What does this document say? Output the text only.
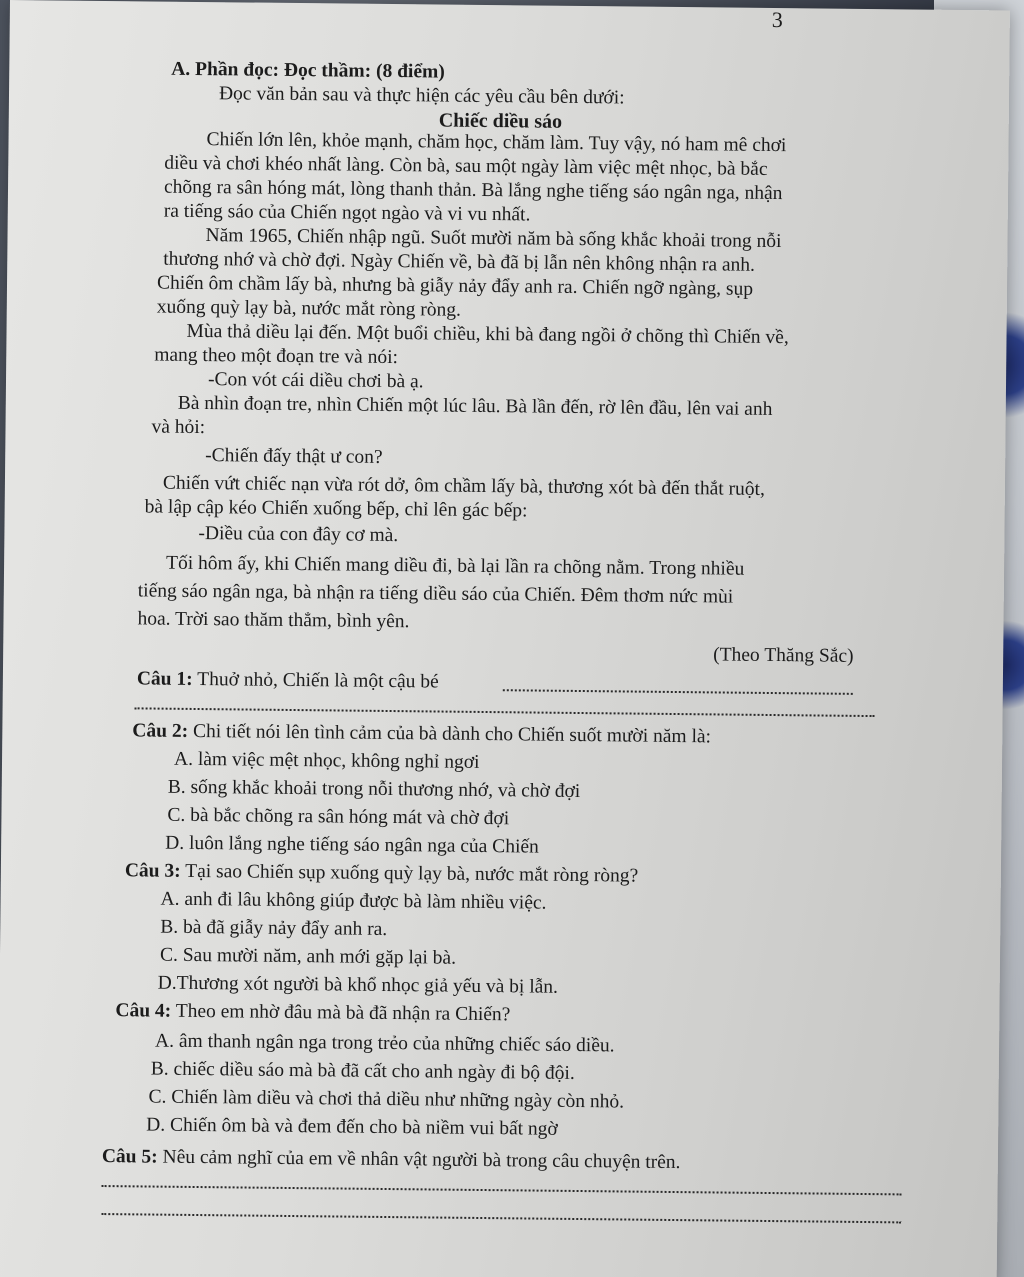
3
A. Phần đọc: Đọc thầm: (8 điểm)
Đọc văn bản sau và thực hiện các yêu cầu bên dưới:
Chiếc diều sáo
Chiến lớn lên, khỏe mạnh, chăm học, chăm làm. Tuy vậy, nó ham mê chơi
diều và chơi khéo nhất làng. Còn bà, sau một ngày làm việc mệt nhọc, bà bắc
chõng ra sân hóng mát, lòng thanh thản. Bà lắng nghe tiếng sáo ngân nga, nhận
ra tiếng sáo của Chiến ngọt ngào và vi vu nhất.
Năm 1965, Chiến nhập ngũ. Suốt mười năm bà sống khắc khoải trong nỗi
thương nhớ và chờ đợi. Ngày Chiến về, bà đã bị lẫn nên không nhận ra anh.
Chiến ôm chầm lấy bà, nhưng bà giẫy nảy đẩy anh ra. Chiến ngỡ ngàng, sụp
xuống quỳ lạy bà, nước mắt ròng ròng.
Mùa thả diều lại đến. Một buổi chiều, khi bà đang ngồi ở chõng thì Chiến về,
mang theo một đoạn tre và nói:
-Con vót cái diều chơi bà ạ.
Bà nhìn đoạn tre, nhìn Chiến một lúc lâu. Bà lần đến, rờ lên đầu, lên vai anh
và hỏi:
-Chiến đấy thật ư con?
Chiến vứt chiếc nạn vừa rót dở, ôm chầm lấy bà, thương xót bà đến thắt ruột,
bà lập cập kéo Chiến xuống bếp, chỉ lên gác bếp:
-Diều của con đây cơ mà.
Tối hôm ấy, khi Chiến mang diều đi, bà lại lần ra chõng nằm. Trong nhiều
tiếng sáo ngân nga, bà nhận ra tiếng diều sáo của Chiến. Đêm thơm nức mùi
hoa. Trời sao thăm thẳm, bình yên.
(Theo Thăng Sắc)
Câu 1: Thuở nhỏ, Chiến là một cậu bé
Câu 2: Chi tiết nói lên tình cảm của bà dành cho Chiến suốt mười năm là:
A. làm việc mệt nhọc, không nghỉ ngơi
B. sống khắc khoải trong nỗi thương nhớ, và chờ đợi
C. bà bắc chõng ra sân hóng mát và chờ đợi
D. luôn lắng nghe tiếng sáo ngân nga của Chiến
Câu 3: Tại sao Chiến sụp xuống quỳ lạy bà, nước mắt ròng ròng?
A. anh đi lâu không giúp được bà làm nhiều việc.
B. bà đã giẫy nảy đẩy anh ra.
C. Sau mười năm, anh mới gặp lại bà.
D.Thương xót người bà khổ nhọc giả yếu và bị lẫn.
Câu 4: Theo em nhờ đâu mà bà đã nhận ra Chiến?
A. âm thanh ngân nga trong trẻo của những chiếc sáo diều.
B. chiếc diều sáo mà bà đã cất cho anh ngày đi bộ đội.
C. Chiến làm diều và chơi thả diều như những ngày còn nhỏ.
D. Chiến ôm bà và đem đến cho bà niềm vui bất ngờ
Câu 5: Nêu cảm nghĩ của em về nhân vật người bà trong câu chuyện trên.
